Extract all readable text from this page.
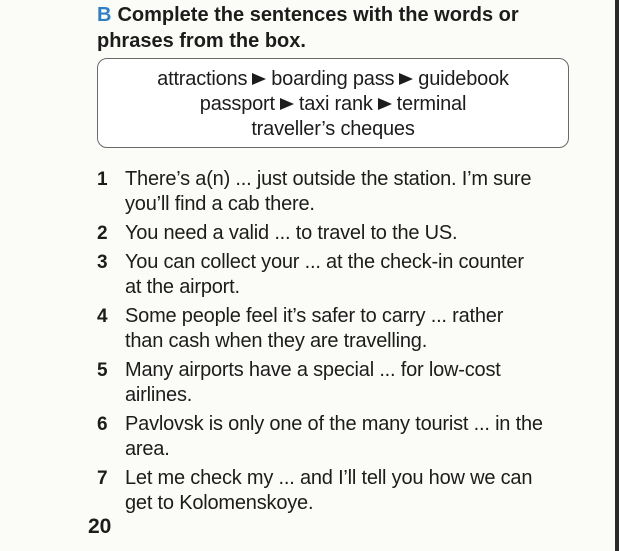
B Complete the sentences with the words or
phrases from the box.
attractions boarding pass guidebook
passport taxi rank terminal
traveller’s cheques
1 There’s a(n) ... just outside the station. I’m sure
you’ll find a cab there.
2 You need a valid ... to travel to the US.
3 You can collect your ... at the check-in counter
at the airport.
4 Some people feel it’s safer to carry ... rather
than cash when they are travelling.
5 Many airports have a special ... for low-cost
airlines.
6 Pavlovsk is only one of the many tourist ... in the
area.
7 Let me check my ... and I’ll tell you how we can
get to Kolomenskoye.
20
